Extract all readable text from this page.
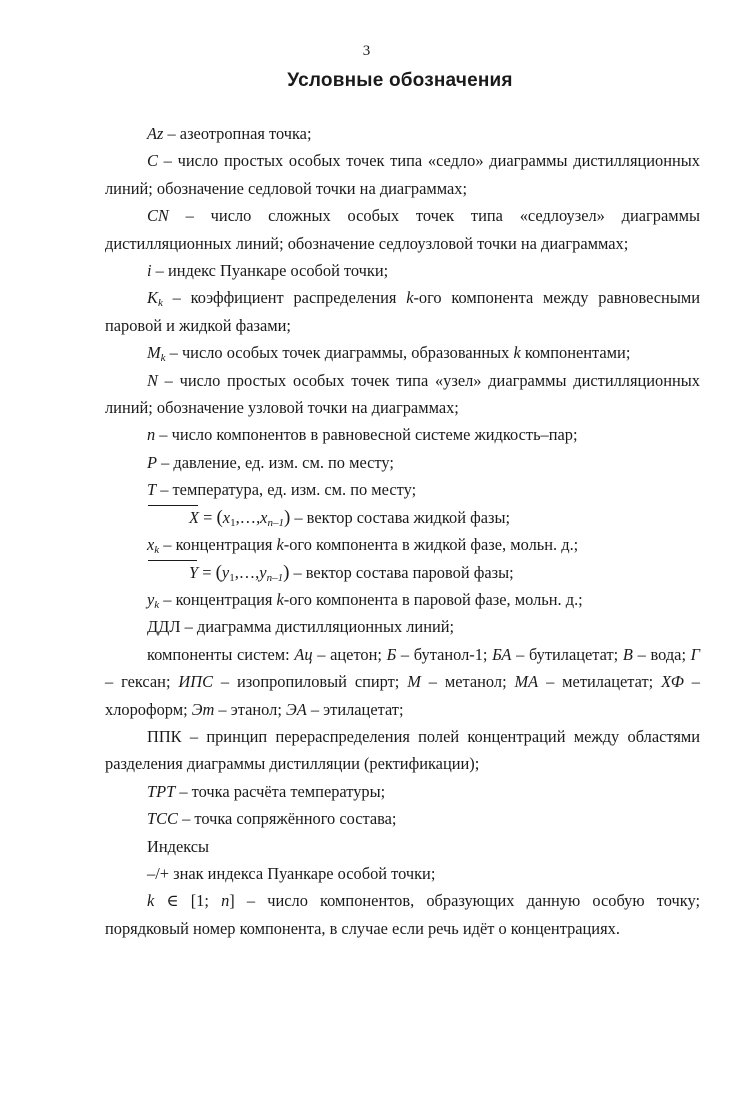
3
Условные обозначения

Az – азеотропная точка;

C – число простых особых точек типа «седло» диаграммы дистилляционных линий; обозначение седловой точки на диаграммах;

CN – число сложных особых точек типа «седлоузел» диаграммы дистилляционных линий; обозначение седлоузловой точки на диаграммах;

i – индекс Пуанкаре особой точки;

$K_k$ – коэффициент распределения k-ого компонента между равновесными паровой и жидкой фазами;

$M_k$ – число особых точек диаграммы, образованных k компонентами;

N – число простых особых точек типа «узел» диаграммы дистилляционных линий; обозначение узловой точки на диаграммах;

n – число компонентов в равновесной системе жидкость–пар;

P – давление, ед. изм. см. по месту;

T – температура, ед. изм. см. по месту;

$X = (x_1,\dots,x_{n-1})$ – вектор состава жидкой фазы;

$x_k$ – концентрация k-ого компонента в жидкой фазе, мольн. д.;

$Y = (y_1,\dots,y_{n-1})$ – вектор состава паровой фазы;

$y_k$ – концентрация k-ого компонента в паровой фазе, мольн. д.;

ДДЛ – диаграмма дистилляционных линий;

компоненты систем: Ац – ацетон; Б – бутанол-1; БА – бутилацетат; В – вода; Г – гексан; ИПС – изопропиловый спирт; М – метанол; МА – метилацетат; ХФ – хлороформ; Эт – этанол; ЭА – этилацетат;

ППК – принцип перераспределения полей концентраций между областями разделения диаграммы дистилляции (ректификации);

ТРТ – точка расчёта температуры;

ТСС – точка сопряжённого состава;

Индексы

–/+ знак индекса Пуанкаре особой точки;

k ∈ [1; n] – число компонентов, образующих данную особую точку; порядковый номер компонента, в случае если речь идёт о концентрациях.
